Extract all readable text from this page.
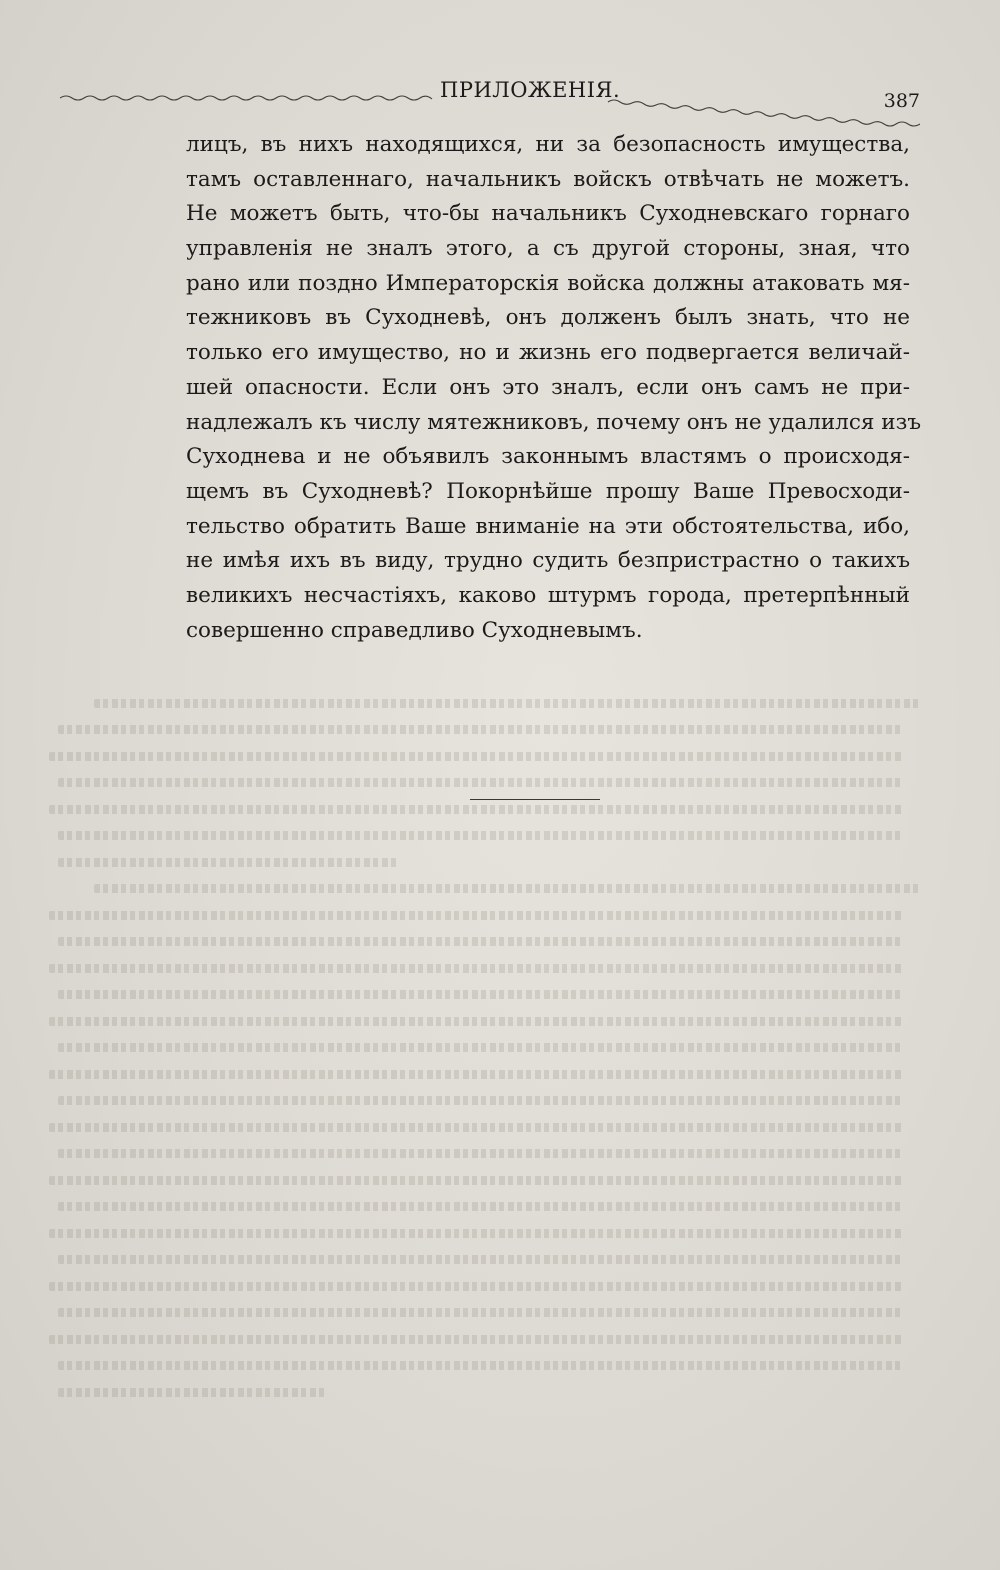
ПРИЛОЖЕНІЯ.	387
лицъ, въ нихъ находящихся, ни за безопасность имущества,
тамъ оставленнаго, начальникъ войскъ отвѣчать не можетъ.
Не можетъ быть, что-бы начальникъ Суходневскаго горнаго
управленія не зналъ этого, а съ другой стороны, зная, что
рано или поздно Императорскія войска должны атаковать мя-
тежниковъ въ Суходневѣ, онъ долженъ былъ знать, что не
только его имущество, но и жизнь его подвергается величай-
шей опасности. Если онъ это зналъ, если онъ самъ не при-
надлежалъ къ числу мятежниковъ, почему онъ не удалился изъ
Суходнева и не объявилъ законнымъ властямъ о происходя-
щемъ въ Суходневѣ? Покорнѣйше прошу Ваше Превосходи-
тельство обратить Ваше вниманіе на эти обстоятельства, ибо,
не имѣя ихъ въ виду, трудно судить безпристрастно о такихъ
великихъ несчастіяхъ, каково штурмъ города, претерпѣнный
совершенно справедливо Суходневымъ.
